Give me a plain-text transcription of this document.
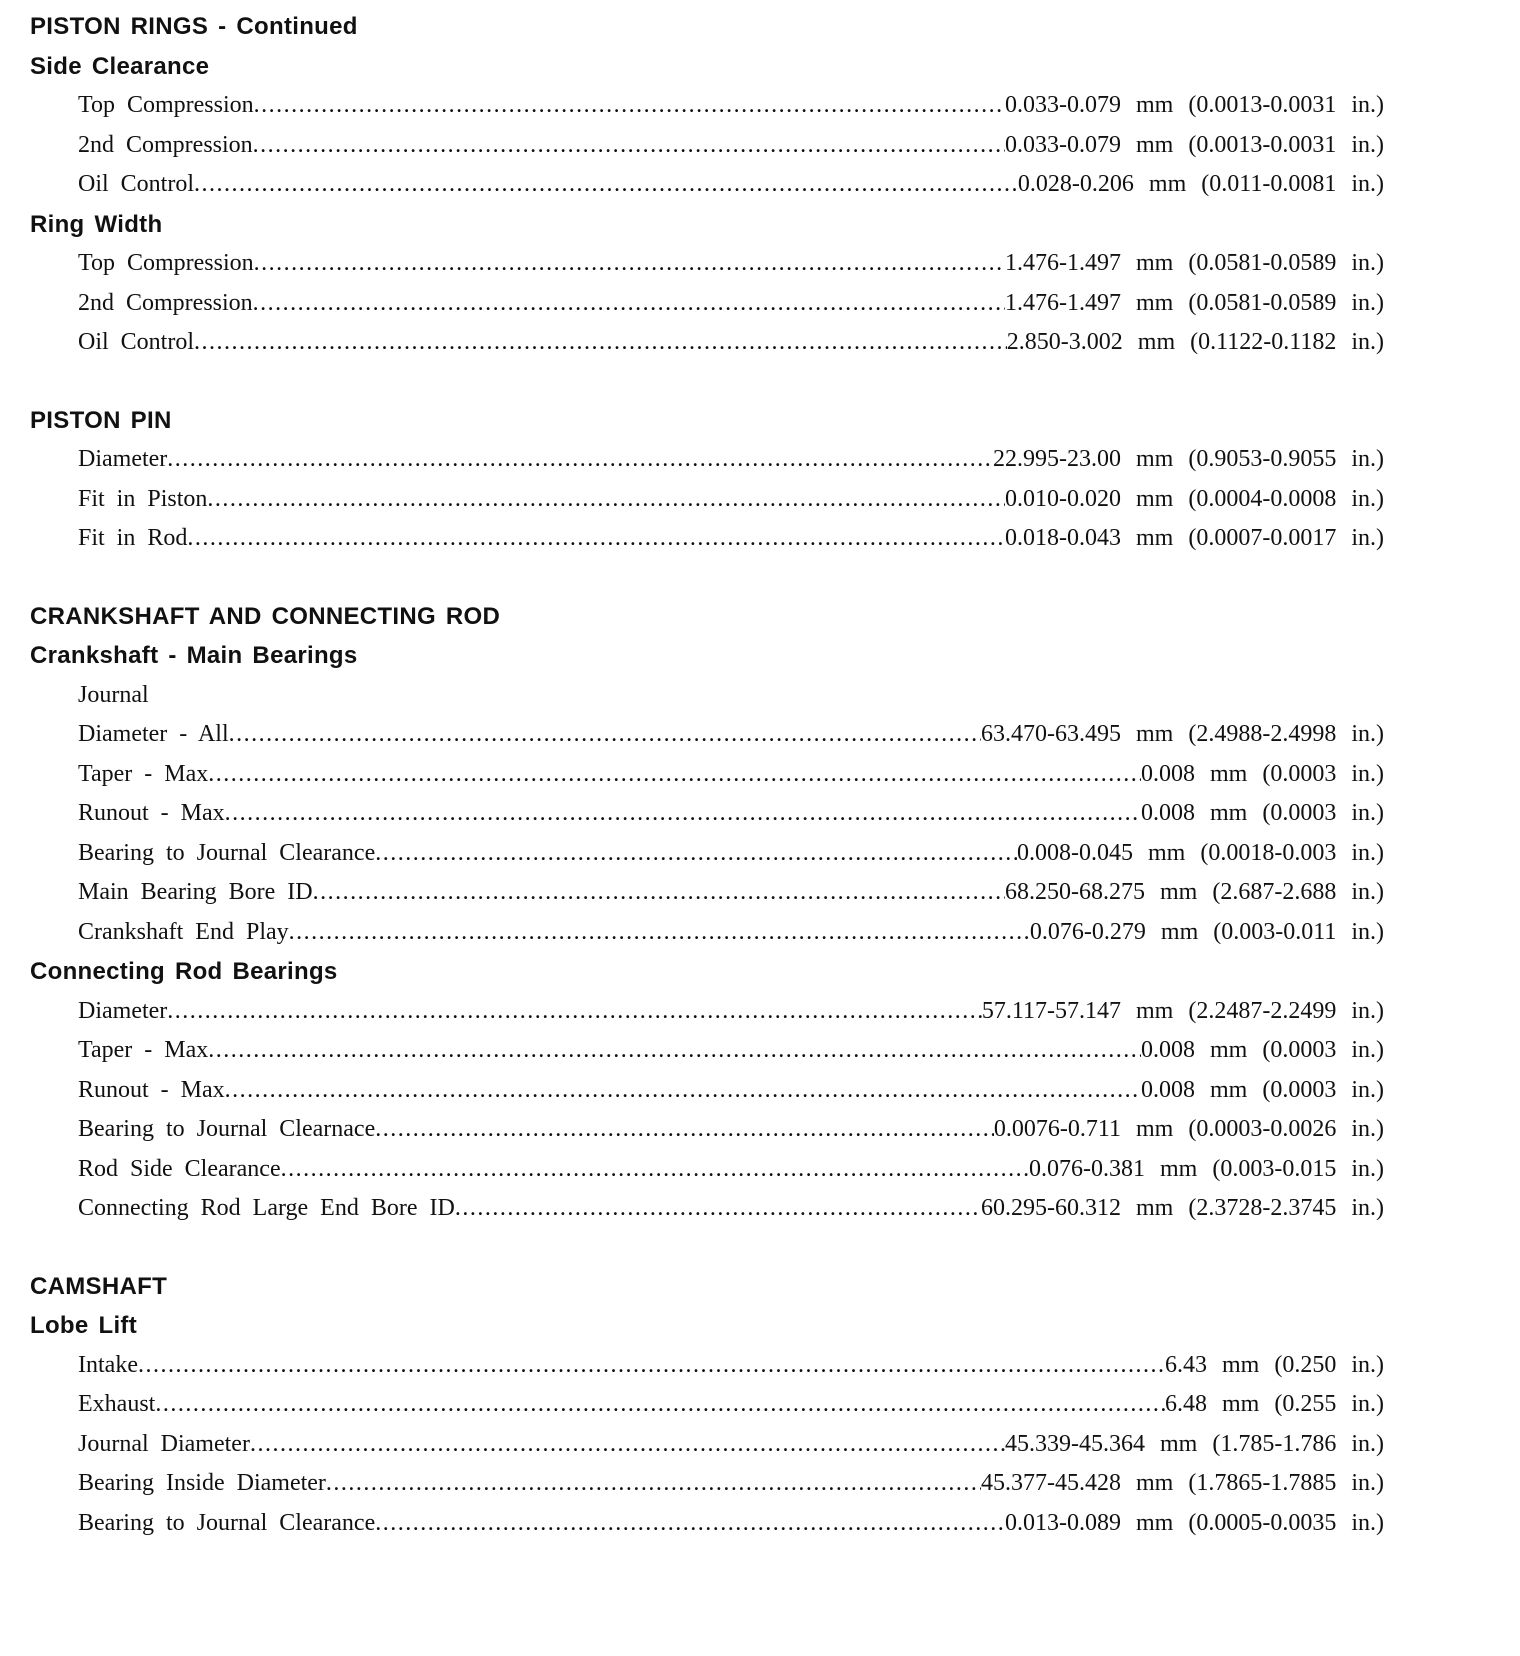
PISTON RINGS - Continued
Side Clearance
Top Compression .....	0.033-0.079 mm (0.0013-0.0031 in.)
2nd Compression .....	0.033-0.079 mm (0.0013-0.0031 in.)
Oil Control .....	0.028-0.206 mm (0.011-0.0081 in.)
Ring Width
Top Compression .....	1.476-1.497 mm (0.0581-0.0589 in.)
2nd Compression .....	1.476-1.497 mm (0.0581-0.0589 in.)
Oil Control .....	2.850-3.002 mm (0.1122-0.1182 in.)
PISTON PIN
Diameter .....	22.995-23.00 mm (0.9053-0.9055 in.)
Fit in Piston .....	0.010-0.020 mm (0.0004-0.0008 in.)
Fit in Rod .....	0.018-0.043 mm (0.0007-0.0017 in.)
CRANKSHAFT AND CONNECTING ROD
Crankshaft - Main Bearings
Journal
Diameter - All .....	63.470-63.495 mm (2.4988-2.4998 in.)
Taper - Max .....	0.008 mm (0.0003 in.)
Runout - Max .....	0.008 mm (0.0003 in.)
Bearing to Journal Clearance .....	0.008-0.045 mm (0.0018-0.003 in.)
Main Bearing Bore ID .....	68.250-68.275 mm (2.687-2.688 in.)
Crankshaft End Play .....	0.076-0.279 mm (0.003-0.011 in.)
Connecting Rod Bearings
Diameter .....	57.117-57.147 mm (2.2487-2.2499 in.)
Taper - Max .....	0.008 mm (0.0003 in.)
Runout - Max .....	0.008 mm (0.0003 in.)
Bearing to Journal Clearnace .....	0.0076-0.711 mm (0.0003-0.0026 in.)
Rod Side Clearance .....	0.076-0.381 mm (0.003-0.015 in.)
Connecting Rod Large End Bore ID .....	60.295-60.312 mm (2.3728-2.3745 in.)
CAMSHAFT
Lobe Lift
Intake .....	6.43 mm (0.250 in.)
Exhaust .....	6.48 mm (0.255 in.)
Journal Diameter .....	45.339-45.364 mm (1.785-1.786 in.)
Bearing Inside Diameter .....	45.377-45.428 mm (1.7865-1.7885 in.)
Bearing to Journal Clearance .....	0.013-0.089 mm (0.0005-0.0035 in.)
